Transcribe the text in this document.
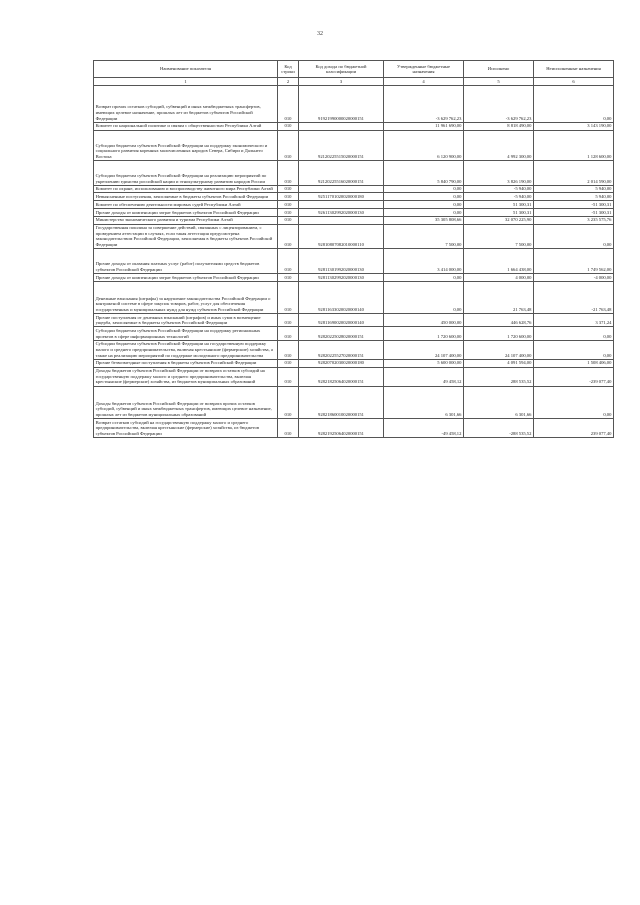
32
Наименование показателя	Код строки	Код дохода по бюджетной классификации	Утвержденные бюджетные назначения	Исполнено	Неисполненные назначения
1	2	3	4	5	6
Возврат прочих остатков субсидий, субвенций и иных межбюджетных трансфертов, имеющих целевое назначение, прошлых лет из бюджетов субъектов Российской Федерации	010	91921990000020000151	-3 629 762,23	-3 629 762,23	0,00
Комитет по национальной политике и связям с общественностью Республики Алтай	010		11 961 690,00	8 818 490,00	3 143 190,00
Субсидии бюджетам субъектов Российской Федерации на поддержку экономического и социального развития коренных малочисленных народов Севера, Сибири и Дальнего Востока	010	92120225515020000151	6 120 900,00	4 992 300,00	1 128 600,00
Субсидии бюджетам субъектов Российской Федерации на реализацию мероприятий по укреплению единства российской нации и этнокультурному развитию народов России	010	92120225516020000151	5 840 790,00	3 826 190,00	2 014 590,00
Комитет по охране, использованию и воспроизводству животного мира Республики Алтай	010		0,00	-5 940,00	5 940,00
Невыясненные поступления, зачисляемые в бюджеты субъектов Российской Федерации	010	92511701020020000180	0,00	-5 940,00	5 940,00
Комитет по обеспечению деятельности мировых судей Республики Алтай	010		0,00	51 300,31	-51 300,31
Прочие доходы от компенсации затрат бюджетов субъектов Российской Федерации	010	92611302992020000130	0,00	51 300,31	-51 300,31
Министерство экономического развития и туризма Республики Алтай	010		35 305 808,66	32 070 225,90	3 235 575,76
Государственная пошлина за совершение действий, связанных с лицензированием, с проведением аттестации в случаях, если такая аттестация предусмотрена законодательством Российской Федерации, зачисляемая в бюджеты субъектов Российской Федерации	010	92810807082010000110	7 500,00	7 500,00	0,00
Прочие доходы от оказания платных услуг (работ) получателями средств бюджетов субъектов Российской Федерации	010	92811301992020000130	3 414 000,00	1 664 438,00	1 749 562,00
Прочие доходы от компенсации затрат бюджетов субъектов Российской Федерации	010	92811302992020000130	0,00	4 000,00	-4 000,00
Денежные взыскания (штрафы) за нарушение законодательства Российской Федерации о контрактной системе в сфере закупок товаров, работ, услуг для обеспечения государственных и муниципальных нужд для нужд субъектов Российской Федерации	010	92811633020020000140	0,00	21 763,48	-21 763,48
Прочие поступления от денежных взысканий (штрафов) и иных сумм в возмещение ущерба, зачисляемые в бюджеты субъектов Российской Федерации	010	92811690020020000140	450 000,00	446 628,76	3 371,24
Субсидии бюджетам субъектов Российской Федерации на поддержку региональных проектов в сфере информационных технологий	010	92820225028020000151	1 720 600,00	1 720 600,00	0,00
Субсидии бюджетам субъектов Российской Федерации на государственную поддержку малого и среднего предпринимательства, включая крестьянские (фермерские) хозяйства, а также на реализацию мероприятий по поддержке молодежного предпринимательства	010	92820225527020000151	24 107 400,00	24 107 400,00	0,00
Прочие безвозмездные поступления в бюджеты субъектов Российской Федерации	010	92820702030020000180	5 600 000,00	4 091 594,00	1 508 406,00
Доходы бюджетов субъектов Российской Федерации от возврата остатков субсидий на государственную поддержку малого и среднего предпринимательства, включая крестьянские (фермерские) хозяйства, из бюджетов муниципальных образований	010	92821825064020000151	49 458,12	288 535,52	-239 077,40
Доходы бюджетов субъектов Российской Федерации от возврата прочих остатков субсидий, субвенций и иных межбюджетных трансфертов, имеющих целевое назначение, прошлых лет из бюджетов муниципальных образований	010	92821860010020000151	6 301,66	6 301,66	0,00
Возврат остатков субсидий на государственную поддержку малого и среднего предпринимательства, включая крестьянские (фермерские) хозяйства, из бюджетов субъектов Российской Федерации	010	92821925064020000151	-49 458,12	-288 535,52	239 077,40
